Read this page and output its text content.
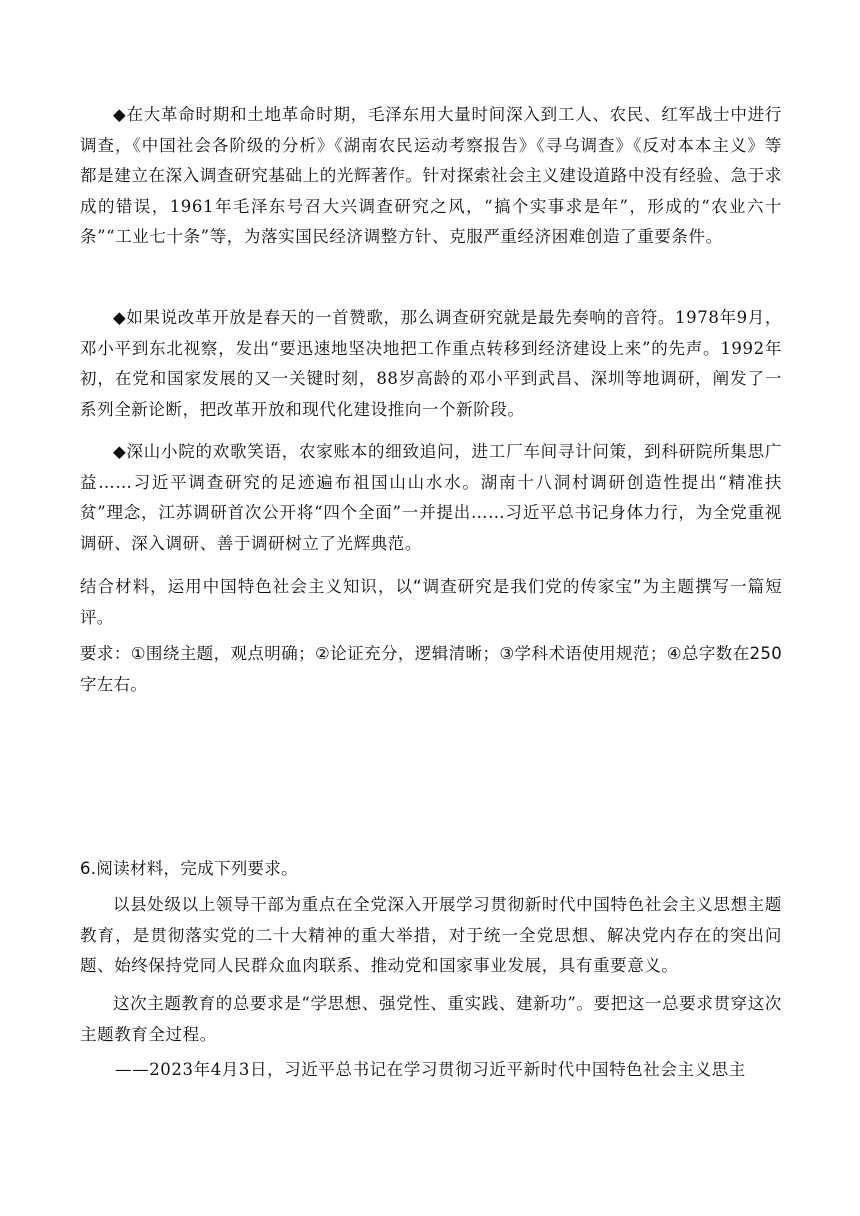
◆在大革命时期和土地革命时期，毛泽东用大量时间深入到工人、农民、红军战士中进行调查，《中国社会各阶级的分析》《湖南农民运动考察报告》《寻乌调查》《反对本本主义》等都是建立在深入调查研究基础上的光辉著作。针对探索社会主义建设道路中没有经验、急于求成的错误，1961年毛泽东号召大兴调查研究之风，“搞个实事求是年”，形成的“农业六十条”“工业七十条”等，为落实国民经济调整方针、克服严重经济困难创造了重要条件。

◆如果说改革开放是春天的一首赞歌，那么调查研究就是最先奏响的音符。1978年9月，邓小平到东北视察，发出“要迅速地坚决地把工作重点转移到经济建设上来”的先声。1992年初，在党和国家发展的又一关键时刻，88岁高龄的邓小平到武昌、深圳等地调研，阐发了一系列全新论断，把改革开放和现代化建设推向一个新阶段。

◆深山小院的欢歌笑语，农家账本的细致追问，进工厂车间寻计问策，到科研院所集思广益……习近平调查研究的足迹遍布祖国山山水水。湖南十八洞村调研创造性提出“精准扶贫”理念，江苏调研首次公开将“四个全面”一并提出……习近平总书记身体力行，为全党重视调研、深入调研、善于调研树立了光辉典范。

结合材料，运用中国特色社会主义知识，以“调查研究是我们党的传家宝”为主题撰写一篇短评。

要求：①围绕主题，观点明确；②论证充分，逻辑清晰；③学科术语使用规范；④总字数在250字左右。

6.阅读材料，完成下列要求。

以县处级以上领导干部为重点在全党深入开展学习贯彻新时代中国特色社会主义思想主题教育，是贯彻落实党的二十大精神的重大举措，对于统一全党思想、解决党内存在的突出问题、始终保持党同人民群众血肉联系、推动党和国家事业发展，具有重要意义。

这次主题教育的总要求是“学思想、强党性、重实践、建新功”。要把这一总要求贯穿这次主题教育全过程。

——2023年4月3日，习近平总书记在学习贯彻习近平新时代中国特色社会主义思主
